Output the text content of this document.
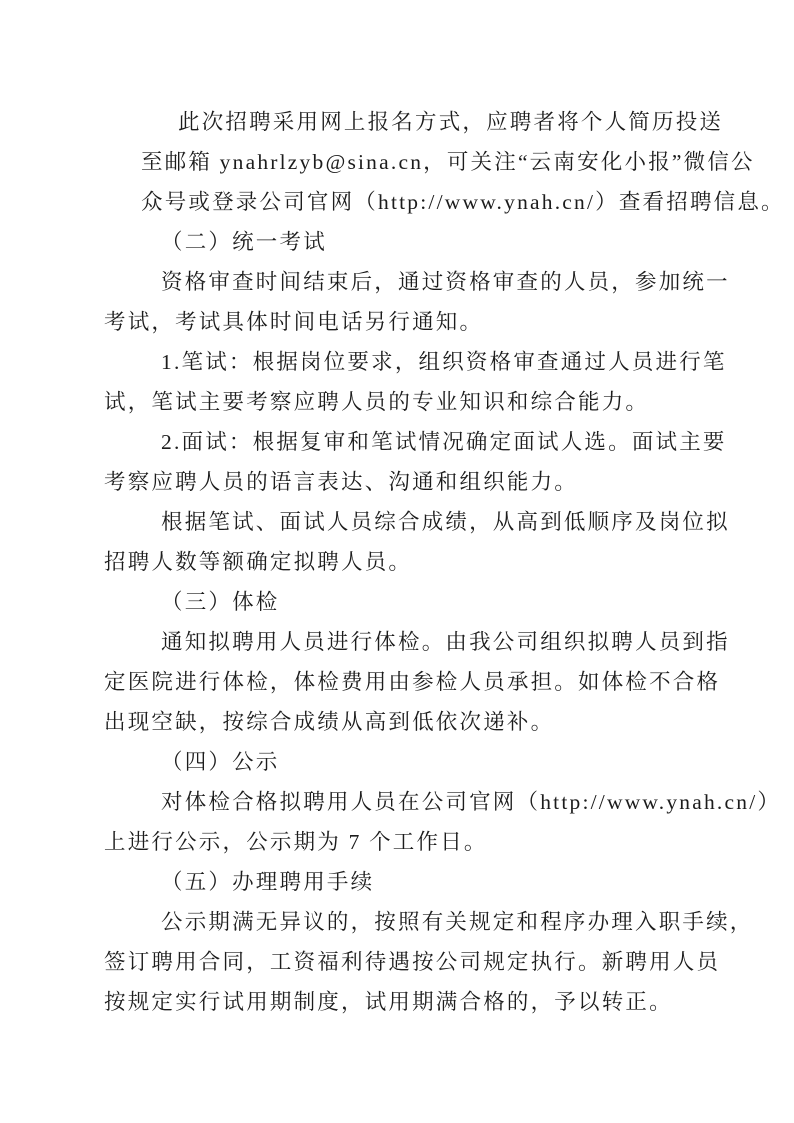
此次招聘采用网上报名方式，应聘者将个人简历投送
至邮箱 ynahrlzyb@sina.cn，可关注“云南安化小报”微信公
众号或登录公司官网（http://www.ynah.cn/）查看招聘信息。
（二）统一考试
资格审查时间结束后，通过资格审查的人员，参加统一
考试，考试具体时间电话另行通知。
1.笔试：根据岗位要求，组织资格审查通过人员进行笔
试，笔试主要考察应聘人员的专业知识和综合能力。
2.面试：根据复审和笔试情况确定面试人选。面试主要
考察应聘人员的语言表达、沟通和组织能力。
根据笔试、面试人员综合成绩，从高到低顺序及岗位拟
招聘人数等额确定拟聘人员。
（三）体检
通知拟聘用人员进行体检。由我公司组织拟聘人员到指
定医院进行体检，体检费用由参检人员承担。如体检不合格
出现空缺，按综合成绩从高到低依次递补。
（四）公示
对体检合格拟聘用人员在公司官网（http://www.ynah.cn/）
上进行公示，公示期为 7 个工作日。
（五）办理聘用手续
公示期满无异议的，按照有关规定和程序办理入职手续，
签订聘用合同，工资福利待遇按公司规定执行。新聘用人员
按规定实行试用期制度，试用期满合格的，予以转正。
